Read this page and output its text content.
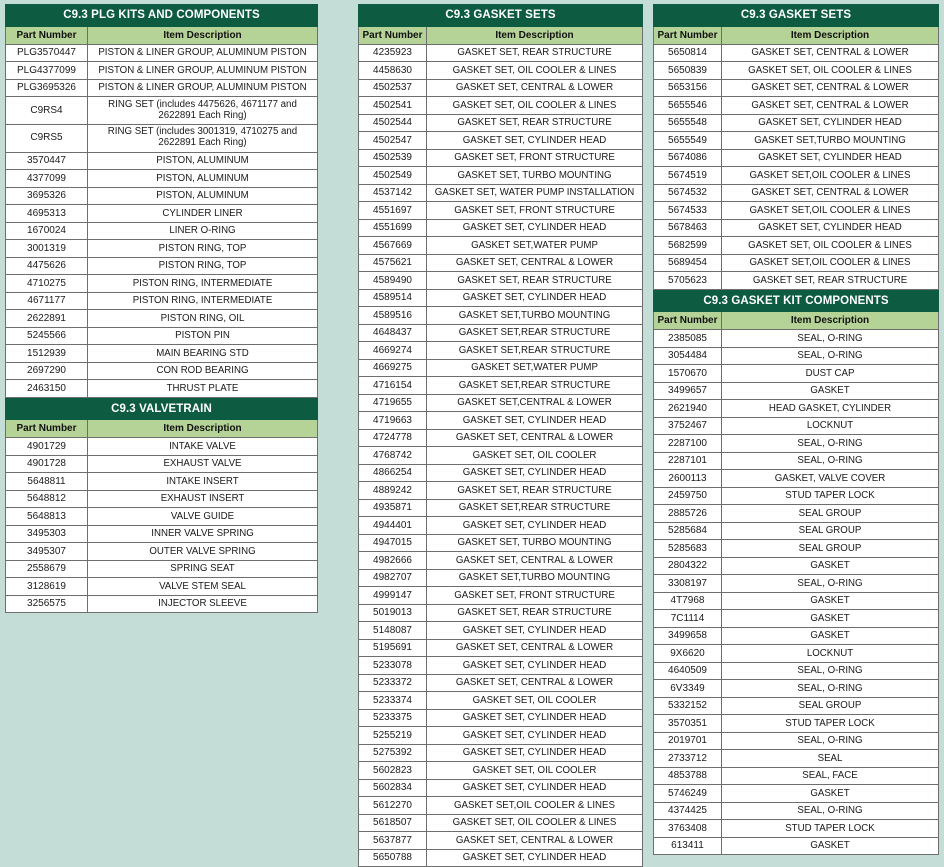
C9.3 PLG KITS AND COMPONENTS	
Part Number	Item Description
PLG3570447	PISTON & LINER GROUP, ALUMINUM PISTON
PLG4377099	PISTON & LINER GROUP, ALUMINUM PISTON
PLG3695326	PISTON & LINER GROUP, ALUMINUM PISTON
C9RS4	RING SET (includes 4475626, 4671177 and 2622891 Each Ring)
C9RS5	RING SET (includes 3001319, 4710275 and 2622891 Each Ring)
3570447	PISTON, ALUMINUM
4377099	PISTON, ALUMINUM
3695326	PISTON, ALUMINUM
4695313	CYLINDER LINER
1670024	LINER O-RING
3001319	PISTON RING, TOP
4475626	PISTON RING, TOP
4710275	PISTON RING, INTERMEDIATE
4671177	PISTON RING, INTERMEDIATE
2622891	PISTON RING, OIL
5245566	PISTON PIN
1512939	MAIN BEARING STD
2697290	CON ROD BEARING
2463150	THRUST PLATE
C9.3 VALVETRAIN	
Part Number	Item Description
4901729	INTAKE VALVE
4901728	EXHAUST VALVE
5648811	INTAKE INSERT
5648812	EXHAUST INSERT
5648813	VALVE GUIDE
3495303	INNER VALVE SPRING
3495307	OUTER VALVE SPRING
2558679	SPRING SEAT
3128619	VALVE STEM SEAL
3256575	INJECTOR SLEEVE
C9.3 GASKET SETS	
Part Number	Item Description
4235923	GASKET SET, REAR STRUCTURE
4458630	GASKET SET, OIL COOLER & LINES
4502537	GASKET SET, CENTRAL & LOWER
4502541	GASKET SET, OIL COOLER & LINES
4502544	GASKET SET, REAR STRUCTURE
4502547	GASKET SET, CYLINDER HEAD
4502539	GASKET SET, FRONT STRUCTURE
4502549	GASKET SET, TURBO MOUNTING
4537142	GASKET SET, WATER PUMP INSTALLATION
4551697	GASKET SET, FRONT STRUCTURE
4551699	GASKET SET, CYLINDER HEAD
4567669	GASKET SET,WATER PUMP
4575621	GASKET SET, CENTRAL & LOWER
4589490	GASKET SET, REAR STRUCTURE
4589514	GASKET SET, CYLINDER HEAD
4589516	GASKET SET,TURBO MOUNTING
4648437	GASKET SET,REAR STRUCTURE
4669274	GASKET SET,REAR STRUCTURE
4669275	GASKET SET,WATER PUMP
4716154	GASKET SET,REAR STRUCTURE
4719655	GASKET SET,CENTRAL & LOWER
4719663	GASKET SET, CYLINDER HEAD
4724778	GASKET SET, CENTRAL & LOWER
4768742	GASKET SET, OIL COOLER
4866254	GASKET SET, CYLINDER HEAD
4889242	GASKET SET, REAR STRUCTURE
4935871	GASKET SET,REAR STRUCTURE
4944401	GASKET SET, CYLINDER HEAD
4947015	GASKET SET, TURBO MOUNTING
4982666	GASKET SET, CENTRAL & LOWER
4982707	GASKET SET,TURBO MOUNTING
4999147	GASKET SET, FRONT STRUCTURE
5019013	GASKET SET, REAR STRUCTURE
5148087	GASKET SET, CYLINDER HEAD
5195691	GASKET SET, CENTRAL & LOWER
5233078	GASKET SET, CYLINDER HEAD
5233372	GASKET SET, CENTRAL & LOWER
5233374	GASKET SET, OIL COOLER
5233375	GASKET SET, CYLINDER HEAD
5255219	GASKET SET, CYLINDER HEAD
5275392	GASKET SET, CYLINDER HEAD
5602823	GASKET SET, OIL COOLER
5602834	GASKET SET, CYLINDER HEAD
5612270	GASKET SET,OIL COOLER & LINES
5618507	GASKET SET, OIL COOLER & LINES
5637877	GASKET SET, CENTRAL & LOWER
5650788	GASKET SET, CYLINDER HEAD
C9.3 GASKET SETS	
Part Number	Item Description
5650814	GASKET SET, CENTRAL & LOWER
5650839	GASKET SET, OIL COOLER & LINES
5653156	GASKET SET, CENTRAL & LOWER
5655546	GASKET SET, CENTRAL & LOWER
5655548	GASKET SET, CYLINDER HEAD
5655549	GASKET SET,TURBO MOUNTING
5674086	GASKET SET, CYLINDER HEAD
5674519	GASKET SET,OIL COOLER & LINES
5674532	GASKET SET, CENTRAL & LOWER
5674533	GASKET SET,OIL COOLER & LINES
5678463	GASKET SET, CYLINDER HEAD
5682599	GASKET SET, OIL COOLER & LINES
5689454	GASKET SET,OIL COOLER & LINES
5705623	GASKET SET, REAR STRUCTURE
C9.3 GASKET KIT COMPONENTS	
Part Number	Item Description
2385085	SEAL, O-RING
3054484	SEAL, O-RING
1570670	DUST CAP
3499657	GASKET
2621940	HEAD GASKET, CYLINDER
3752467	LOCKNUT
2287100	SEAL, O-RING
2287101	SEAL, O-RING
2600113	GASKET, VALVE COVER
2459750	STUD TAPER LOCK
2885726	SEAL GROUP
5285684	SEAL GROUP
5285683	SEAL GROUP
2804322	GASKET
3308197	SEAL, O-RING
4T7968	GASKET
7C1114	GASKET
3499658	GASKET
9X6620	LOCKNUT
4640509	SEAL, O-RING
6V3349	SEAL, O-RING
5332152	SEAL GROUP
3570351	STUD TAPER LOCK
2019701	SEAL, O-RING
2733712	SEAL
4853788	SEAL, FACE
5746249	GASKET
4374425	SEAL, O-RING
3763408	STUD TAPER LOCK
613411	GASKET
